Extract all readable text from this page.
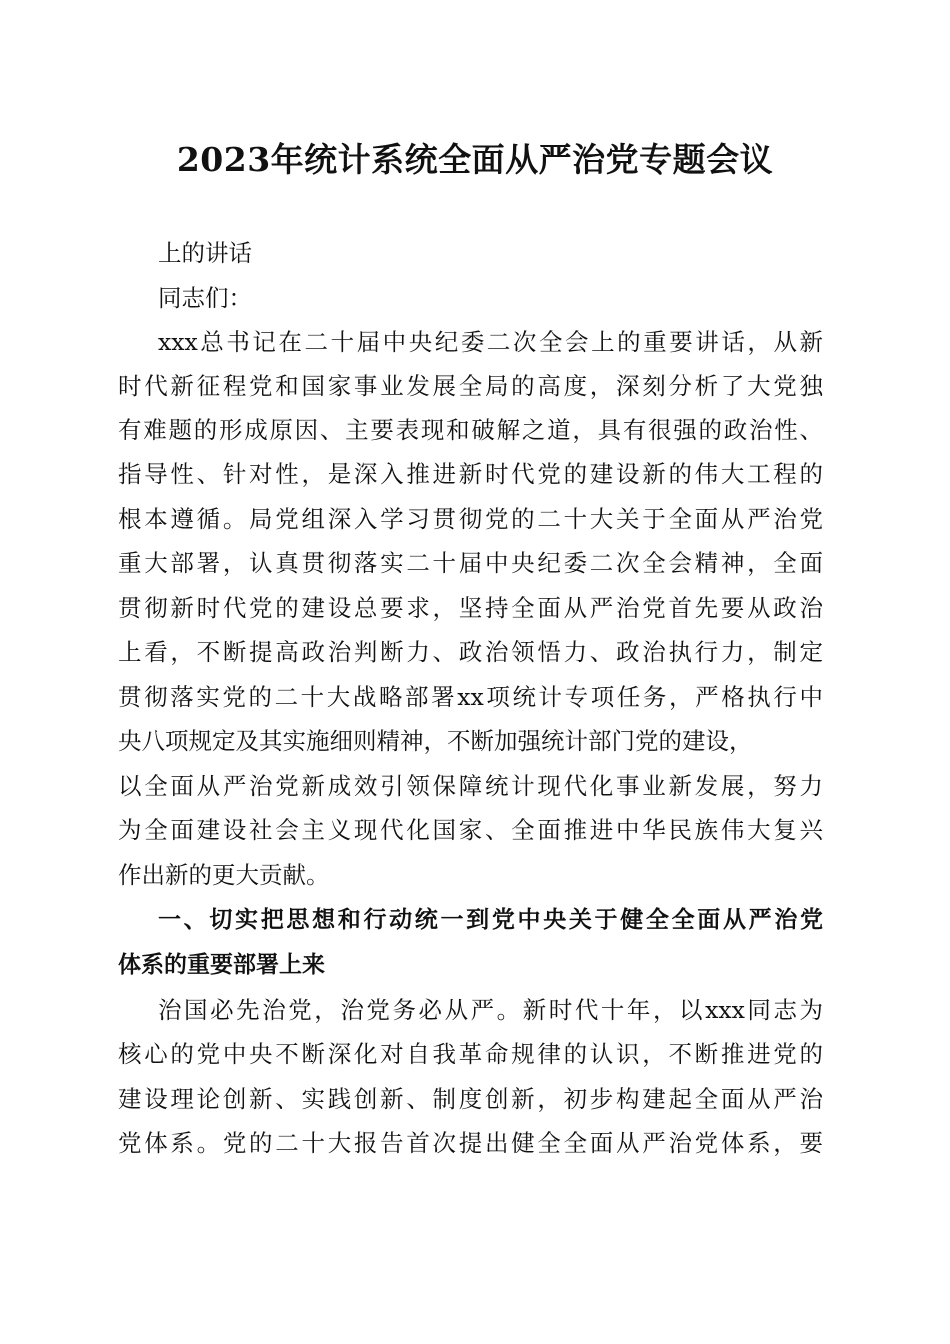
2023年统计系统全面从严治党专题会议
上的讲话
同志们：
xxx总书记在二十届中央纪委二次全会上的重要讲话，从新
时代新征程党和国家事业发展全局的高度，深刻分析了大党独
有难题的形成原因、主要表现和破解之道，具有很强的政治性、
指导性、针对性，是深入推进新时代党的建设新的伟大工程的
根本遵循。局党组深入学习贯彻党的二十大关于全面从严治党
重大部署，认真贯彻落实二十届中央纪委二次全会精神，全面
贯彻新时代党的建设总要求，坚持全面从严治党首先要从政治
上看，不断提高政治判断力、政治领悟力、政治执行力，制定
贯彻落实党的二十大战略部署xx项统计专项任务，严格执行中
央八项规定及其实施细则精神，不断加强统计部门党的建设，
以全面从严治党新成效引领保障统计现代化事业新发展，努力
为全面建设社会主义现代化国家、全面推进中华民族伟大复兴
作出新的更大贡献。
一、切实把思想和行动统一到党中央关于健全全面从严治党
体系的重要部署上来
治国必先治党，治党务必从严。新时代十年，以xxx同志为
核心的党中央不断深化对自我革命规律的认识，不断推进党的
建设理论创新、实践创新、制度创新，初步构建起全面从严治
党体系。党的二十大报告首次提出健全全面从严治党体系，要
